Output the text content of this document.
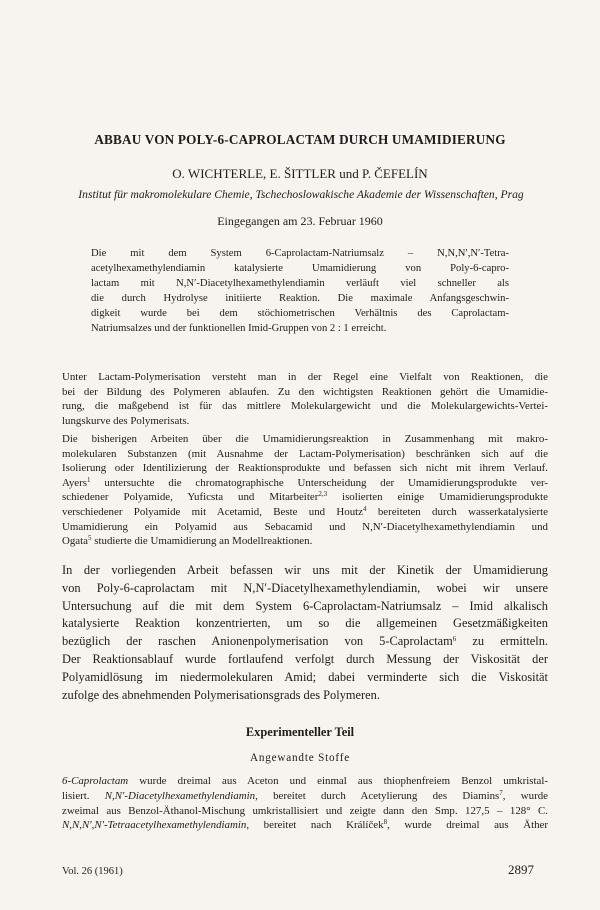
ABBAU VON POLY-6-CAPROLACTAM DURCH UMAMIDIERUNG
O. WICHTERLE, E. ŠITTLER und P. ČEFELÍN
Institut für makromolekulare Chemie, Tschechoslowakische Akademie der Wissenschaften, Prag
Eingegangen am 23. Februar 1960
Die mit dem System 6-Caprolactam-Natriumsalz – N,N,N′,N′-Tetra-
acetylhexamethylendiamin katalysierte Umamidierung von Poly-6-capro-
lactam mit N,N′-Diacetylhexamethylendiamin verläuft viel schneller als
die durch Hydrolyse initiierte Reaktion. Die maximale Anfangsgeschwin-
digkeit wurde bei dem stöchiometrischen Verhältnis des Caprolactam-
Natriumsalzes und der funktionellen Imid-Gruppen von 2 : 1 erreicht.
Unter Lactam-Polymerisation versteht man in der Regel eine Vielfalt von Reaktionen, die
bei der Bildung des Polymeren ablaufen. Zu den wichtigsten Reaktionen gehört die Umamidie-
rung, die maßgebend ist für das mittlere Molekulargewicht und die Molekulargewichts-Vertei-
lungskurve des Polymerisats.
Die bisherigen Arbeiten über die Umamidierungsreaktion in Zusammenhang mit makro-
molekularen Substanzen (mit Ausnahme der Lactam-Polymerisation) beschränken sich auf die
Isolierung oder Identilizierung der Reaktionsprodukte und befassen sich nicht mit ihrem Verlauf.
Ayers$^1$ untersuchte die chromatographische Unterscheidung der Umamidierungsprodukte ver-
schiedener Polyamide, Yuficsta und Mitarbeiter$^{2,3}$ isolierten einige Umamidierungsprodukte
verschiedener Polyamide mit Acetamid, Beste und Houtz$^4$ bereiteten durch wasserkatalysierte
Umamidierung ein Polyamid aus Sebacamid und N,N′-Diacetylhexamethylendiamin und
Ogata$^5$ studierte die Umamidierung an Modellreaktionen.
In der vorliegenden Arbeit befassen wir uns mit der Kinetik der Umamidierung
von Poly-6-caprolactam mit N,N′-Diacetylhexamethylendiamin, wobei wir unsere
Untersuchung auf die mit dem System 6-Caprolactam-Natriumsalz – Imid alkalisch
katalysierte Reaktion konzentrierten, um so die allgemeinen Gesetzmäßigkeiten
bezüglich der raschen Anionenpolymerisation von 5-Caprolactam$^6$ zu ermitteln.
Der Reaktionsablauf wurde fortlaufend verfolgt durch Messung der Viskosität der
Polyamidlösung im niedermolekularen Amid; dabei verminderte sich die Viskosität
zufolge des abnehmenden Polymerisationsgrads des Polymeren.
Experimenteller Teil
Angewandte Stoffe
6-Caprolactam wurde dreimal aus Aceton und einmal aus thiophenfreiem Benzol umkristal-
lisiert. N,N′-Diacetylhexamethylendiamin, bereitet durch Acetylierung des Diamins$^7$, wurde
zweimal aus Benzol-Äthanol-Mischung umkristallisiert und zeigte dann den Smp. 127,5 – 128° C.
N,N,N′,N′-Tetraacetylhexamethylendiamin, bereitet nach Králíček$^8$, wurde dreimal aus Äther
Vol. 26 (1961)	2897
